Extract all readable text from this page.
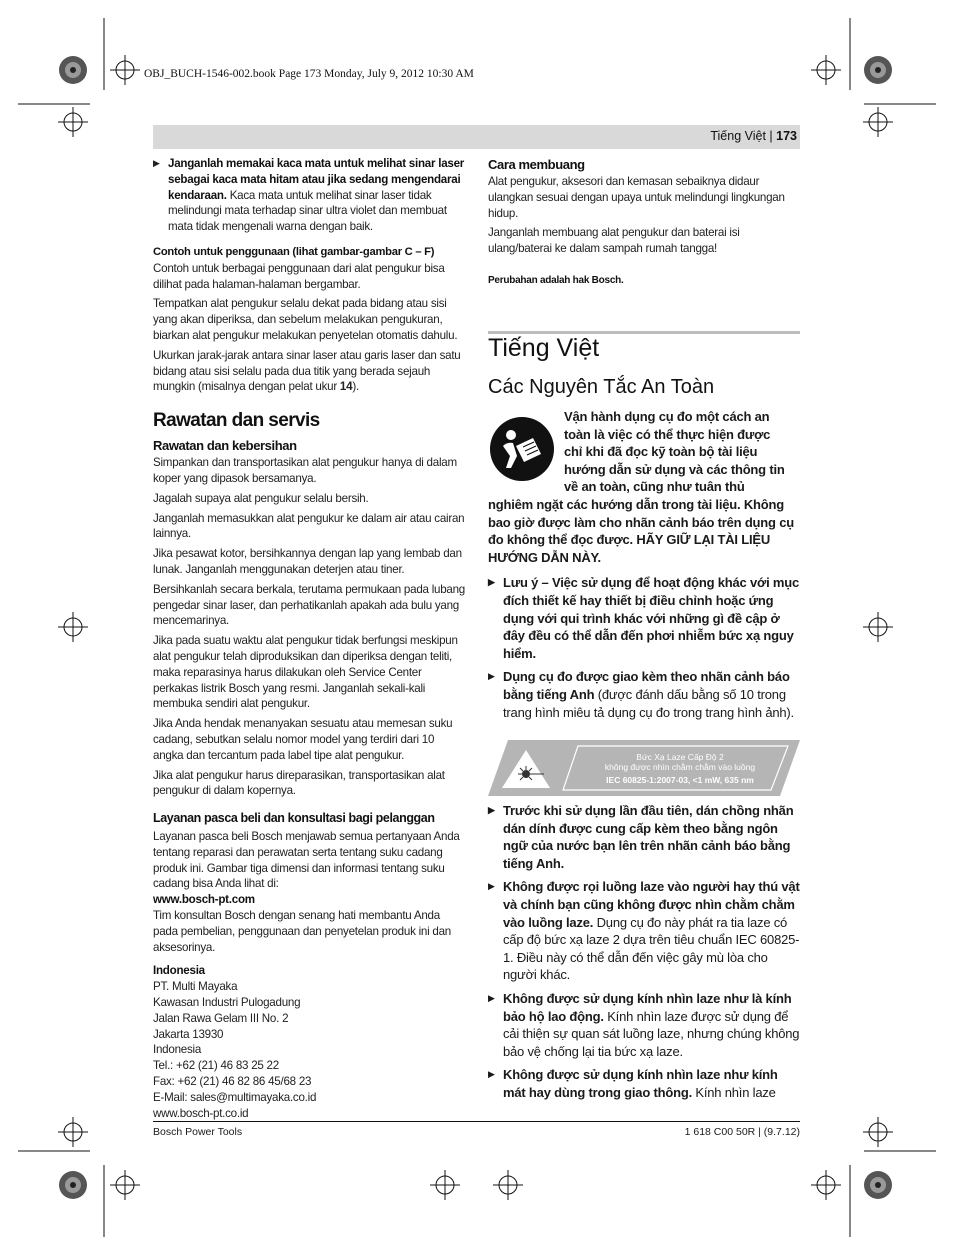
OBJ_BUCH-1546-002.book Page 173 Monday, July 9, 2012 10:30 AM
Tiếng Việt | 173

▶ Janganlah memakai kaca mata untuk melihat sinar laser sebagai kaca mata hitam atau jika sedang mengendarai kendaraan. Kaca mata untuk melihat sinar laser tidak melindungi mata terhadap sinar ultra violet dan membuat mata tidak mengenali warna dengan baik.

Contoh untuk penggunaan (lihat gambar-gambar C – F)

Contoh untuk berbagai penggunaan dari alat pengukur bisa dilihat pada halaman-halaman bergambar.

Tempatkan alat pengukur selalu dekat pada bidang atau sisi yang akan diperiksa, dan sebelum melakukan pengukuran, biarkan alat pengukur melakukan penyetelan otomatis dahulu.

Ukurkan jarak-jarak antara sinar laser atau garis laser dan satu bidang atau sisi selalu pada dua titik yang berada sejauh mungkin (misalnya dengan pelat ukur 14).

Rawatan dan servis

Rawatan dan kebersihan

Simpankan dan transportasikan alat pengukur hanya di dalam koper yang dipasok bersamanya.

Jagalah supaya alat pengukur selalu bersih.

Janganlah memasukkan alat pengukur ke dalam air atau cairan lainnya.

Jika pesawat kotor, bersihkannya dengan lap yang lembab dan lunak. Janganlah menggunakan deterjen atau tiner.

Bersihkanlah secara berkala, terutama permukaan pada lubang pengedar sinar laser, dan perhatikanlah apakah ada bulu yang mencemarinya.

Jika pada suatu waktu alat pengukur tidak berfungsi meskipun alat pengukur telah diproduksikan dan diperiksa dengan teliti, maka reparasinya harus dilakukan oleh Service Center perkakas listrik Bosch yang resmi. Janganlah sekali-kali membuka sendiri alat pengukur.

Jika Anda hendak menanyakan sesuatu atau memesan suku cadang, sebutkan selalu nomor model yang terdiri dari 10 angka dan tercantum pada label tipe alat pengukur.

Jika alat pengukur harus direparasikan, transportasikan alat pengukur di dalam kopernya.

Layanan pasca beli dan konsultasi bagi pelanggan

Layanan pasca beli Bosch menjawab semua pertanyaan Anda tentang reparasi dan perawatan serta tentang suku cadang produk ini. Gambar tiga dimensi dan informasi tentang suku cadang bisa Anda lihat di:

www.bosch-pt.com

Tim konsultan Bosch dengan senang hati membantu Anda pada pembelian, penggunaan dan penyetelan produk ini dan aksesorinya.

Indonesia

PT. Multi Mayaka
Kawasan Industri Pulogadung
Jalan Rawa Gelam III No. 2
Jakarta 13930
Indonesia
Tel.: +62 (21) 46 83 25 22
Fax: +62 (21) 46 82 86 45/68 23
E-Mail: sales@multimayaka.co.id
www.bosch-pt.co.id

Cara membuang

Alat pengukur, aksesori dan kemasan sebaiknya didaur ulangkan sesuai dengan upaya untuk melindungi lingkungan hidup.

Janganlah membuang alat pengukur dan baterai isi ulang/baterai ke dalam sampah rumah tangga!

Perubahan adalah hak Bosch.

Tiếng Việt
Các Nguyên Tắc An Toàn
Vận hành dụng cụ đo một cách an
toàn là việc có thể thực hiện được
chỉ khi đã đọc kỹ toàn bộ tài liệu
hướng dẫn sử dụng và các thông tin
về an toàn, cũng như tuân thủ

nghiêm ngặt các hướng dẫn trong tài liệu. Không bao giờ được làm cho nhãn cảnh báo trên dụng cụ đo không thể đọc được. HÃY GIỮ LẠI TÀI LIỆU HƯỚNG DẪN NÀY.

▶ Lưu ý – Việc sử dụng để hoạt động khác với mục đích thiết kế hay thiết bị điều chỉnh hoặc ứng dụng với qui trình khác với những gì đề cập ở đây đều có thể dẫn đến phơi nhiễm bức xạ nguy hiểm.

▶ Dụng cụ đo được giao kèm theo nhãn cảnh báo bằng tiếng Anh (được đánh dấu bằng số 10 trong trang hình miêu tả dụng cụ đo trong trang hình ảnh).

Bức Xạ Laze Cấp Độ 2
không được nhìn chằm chằm vào luồng
IEC 60825-1:2007-03, <1 mW, 635 nm

▶ Trước khi sử dụng lần đầu tiên, dán chồng nhãn dán dính được cung cấp kèm theo bằng ngôn ngữ của nước bạn lên trên nhãn cảnh báo bằng tiếng Anh.

▶ Không được rọi luồng laze vào người hay thú vật và chính bạn cũng không được nhìn chằm chằm vào luồng laze. Dụng cụ đo này phát ra tia laze có cấp độ bức xạ laze 2 dựa trên tiêu chuẩn IEC 60825-1. Điều này có thể dẫn đến việc gây mù lòa cho người khác.

▶ Không được sử dụng kính nhìn laze như là kính bảo hộ lao động. Kính nhìn laze được sử dụng để cải thiện sự quan sát luồng laze, nhưng chúng không bảo vệ chống lại tia bức xạ laze.

▶ Không được sử dụng kính nhìn laze như kính mát hay dùng trong giao thông. Kính nhìn laze

Bosch Power Tools	1 618 C00 50R | (9.7.12)
